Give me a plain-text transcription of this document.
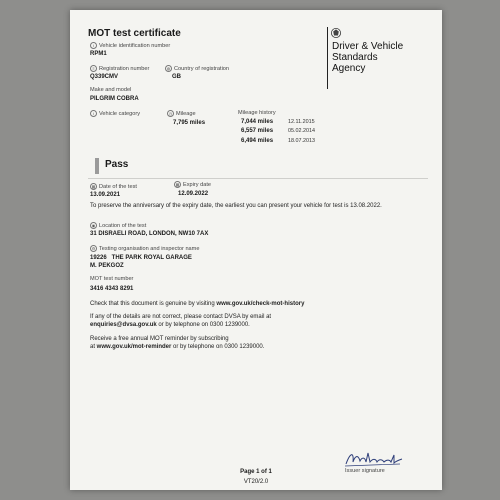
MOT test certificate
Driver & Vehicle
Standards
Agency
i Vehicle identification number
RPM1
≡ Registration number
Q339CMV
◍ Country of registration
GB
Make and model
PILGRIM COBRA
i Vehicle category	◷ Mileage
7,795 miles
Mileage history
7,044 miles	12.11.2015
6,557 miles	05.02.2014
6,494 miles	18.07.2013
Pass
▦ Date of the test
13.09.2021
▦ Expiry date
12.09.2022
To preserve the anniversary of the expiry date, the earliest you can present your vehicle for test is 13.08.2022.
◉ Location of the test
31 DISRAELI ROAD, LONDON, NW10 7AX
⚙ Testing organisation and inspector name
19226   THE PARK ROYAL GARAGE
M. PEKGOZ
MOT test number
3416 4343 8291
Check that this document is genuine by visiting www.gov.uk/check-mot-history
If any of the details are not correct, please contact DVSA by email at
enquiries@dvsa.gov.uk or by telephone on 0300 1239000.
Receive a free annual MOT reminder by subscribing
at www.gov.uk/mot-reminder or by telephone on 0300 1239000.
Issuer signature
Page 1 of 1
VT20/2.0
